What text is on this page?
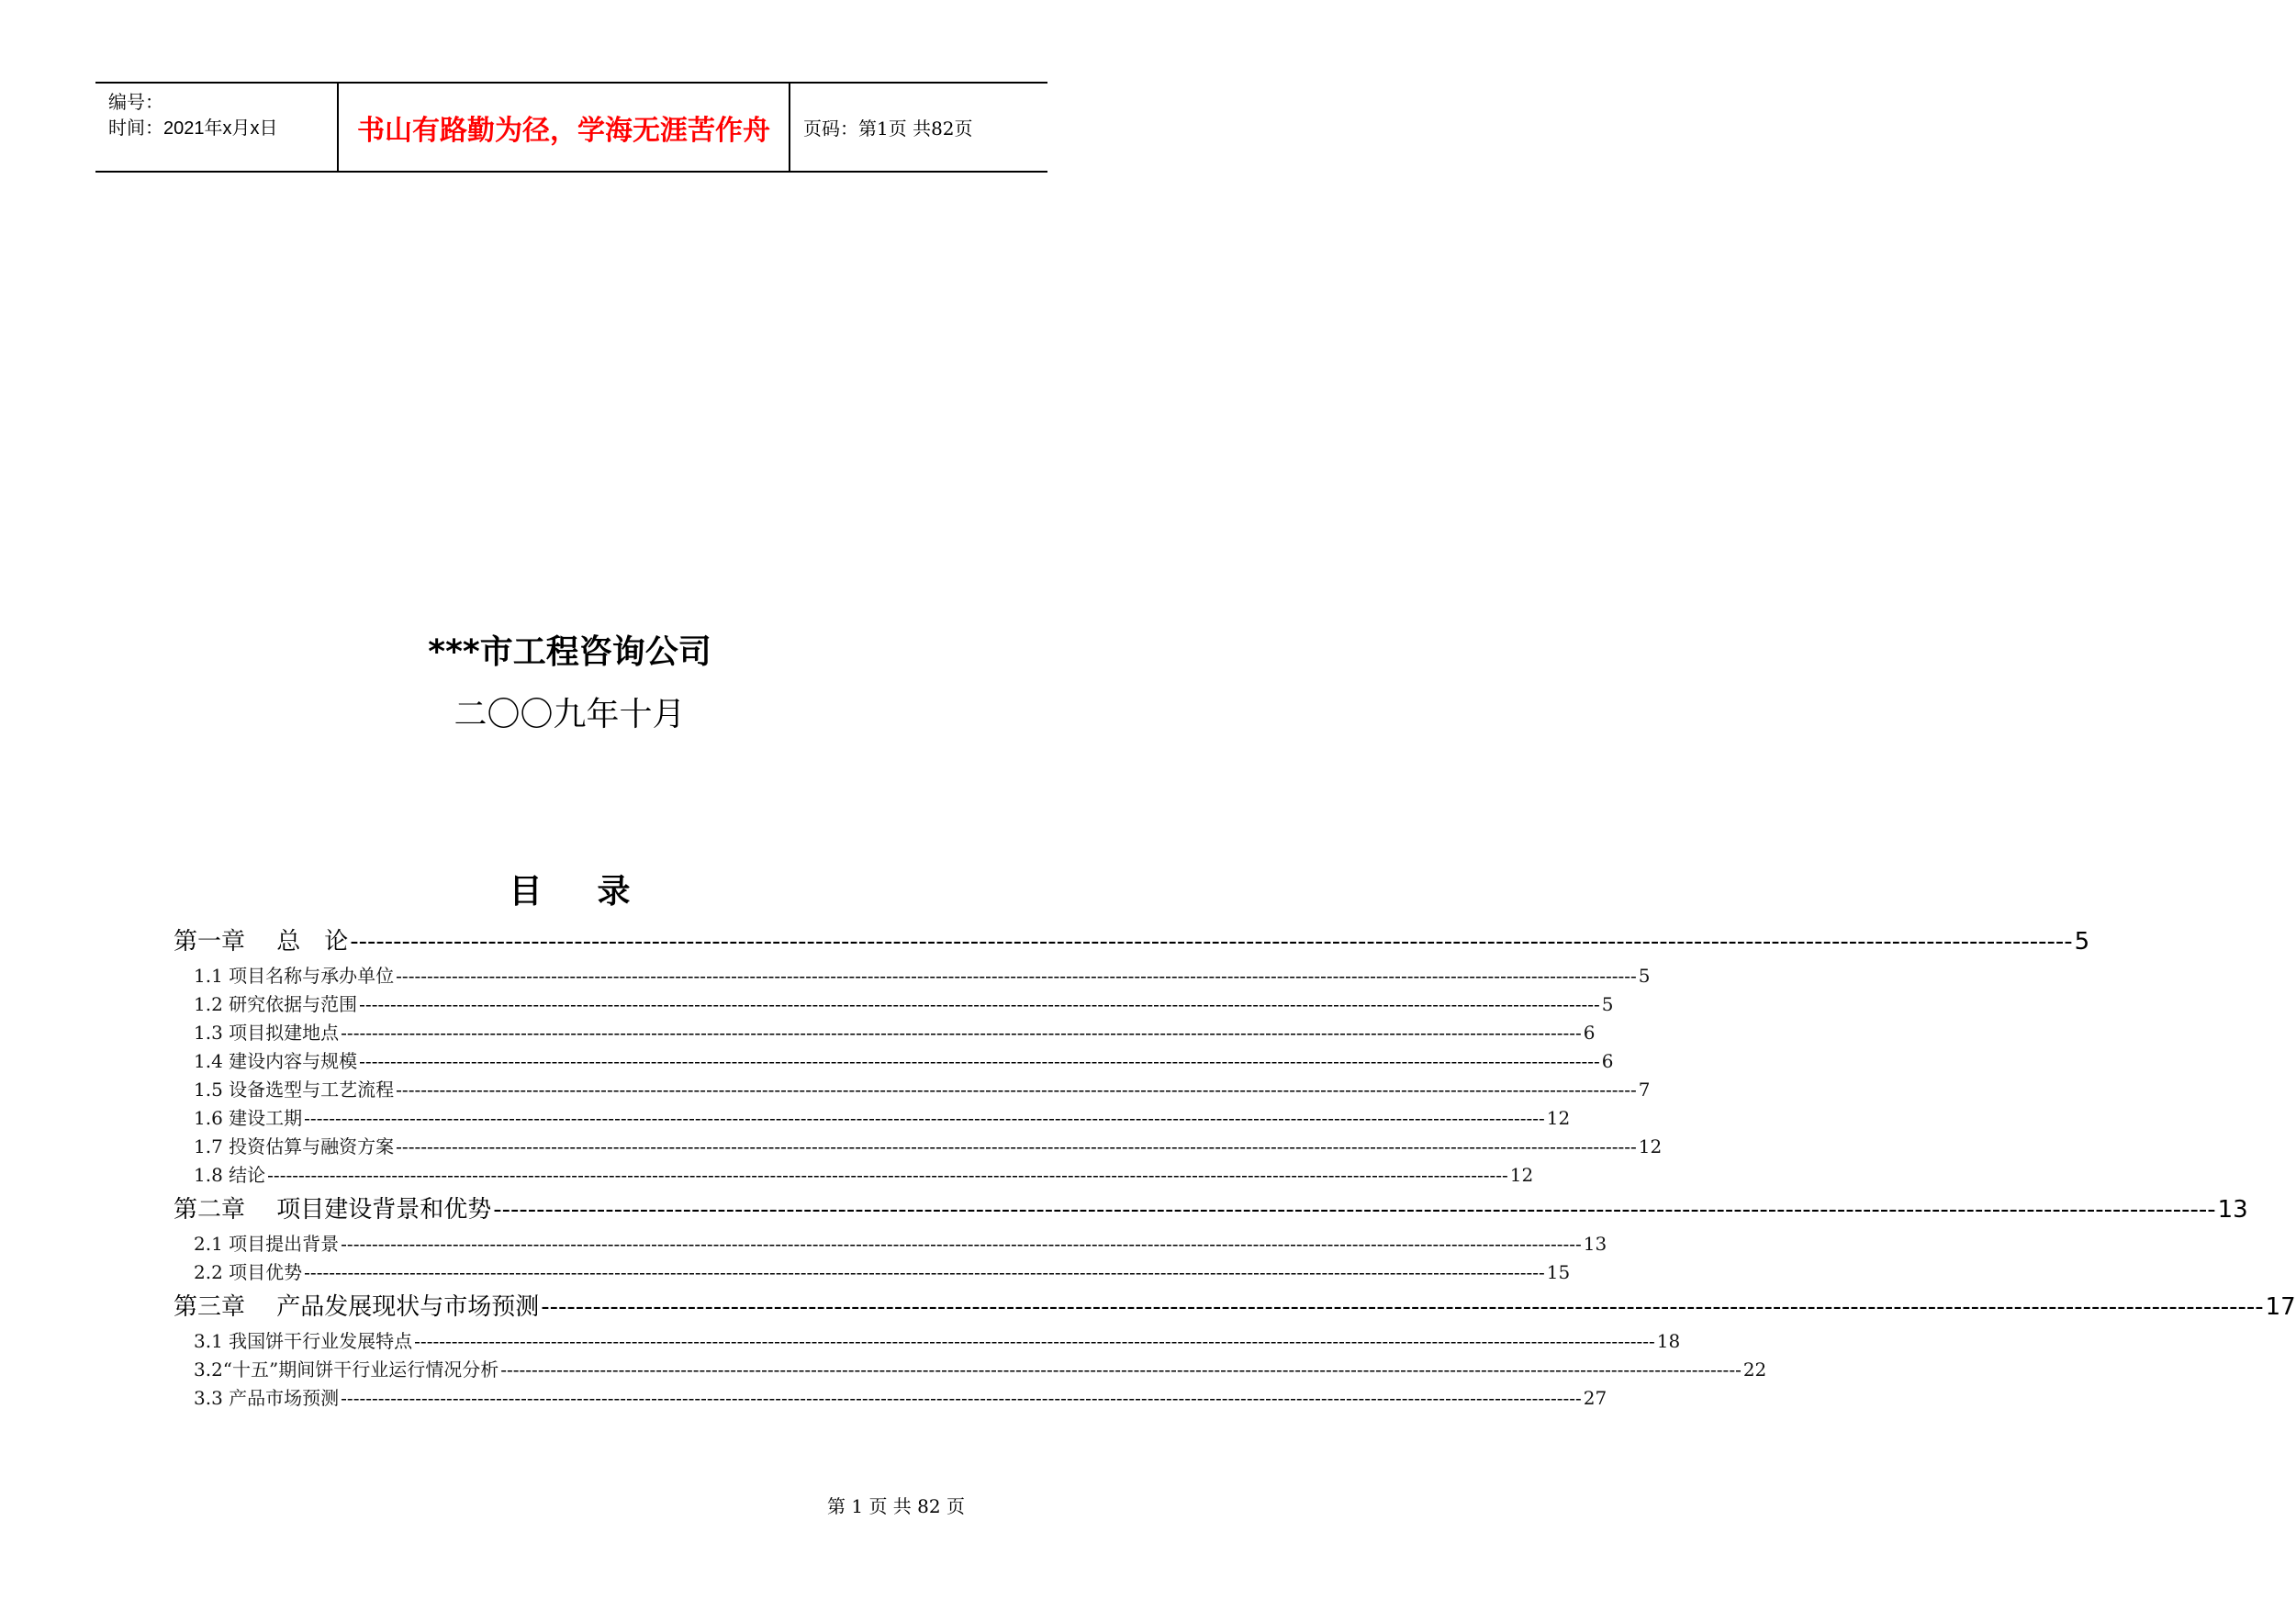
编号：
时间：2021年x月x日	书山有路勤为径，学海无涯苦作舟	页码：第1页 共82页
***市工程咨询公司
二〇〇九年十月
目录
第一章　 总　论 -------------------------------------------------------------------------------------------------------------------------------------------------------------------------------------------------------- 5
1.1 项目名称与承办单位 -------------------------------------------------------------------------------------------------------------------------------------------------------------------------------------------------------- 5
1.2 研究依据与范围 -------------------------------------------------------------------------------------------------------------------------------------------------------------------------------------------------------- 5
1.3 项目拟建地点 -------------------------------------------------------------------------------------------------------------------------------------------------------------------------------------------------------- 6
1.4 建设内容与规模 -------------------------------------------------------------------------------------------------------------------------------------------------------------------------------------------------------- 6
1.5 设备选型与工艺流程 -------------------------------------------------------------------------------------------------------------------------------------------------------------------------------------------------------- 7
1.6 建设工期 -------------------------------------------------------------------------------------------------------------------------------------------------------------------------------------------------------- 12
1.7 投资估算与融资方案 -------------------------------------------------------------------------------------------------------------------------------------------------------------------------------------------------------- 12
1.8 结论 -------------------------------------------------------------------------------------------------------------------------------------------------------------------------------------------------------- 12
第二章　 项目建设背景和优势 -------------------------------------------------------------------------------------------------------------------------------------------------------------------------------------------------------- 13
2.1 项目提出背景 -------------------------------------------------------------------------------------------------------------------------------------------------------------------------------------------------------- 13
2.2 项目优势 -------------------------------------------------------------------------------------------------------------------------------------------------------------------------------------------------------- 15
第三章　 产品发展现状与市场预测 -------------------------------------------------------------------------------------------------------------------------------------------------------------------------------------------------------- 17
3.1 我国饼干行业发展特点 -------------------------------------------------------------------------------------------------------------------------------------------------------------------------------------------------------- 18
3.2“十五”期间饼干行业运行情况分析 -------------------------------------------------------------------------------------------------------------------------------------------------------------------------------------------------------- 22
3.3 产品市场预测 -------------------------------------------------------------------------------------------------------------------------------------------------------------------------------------------------------- 27
第 1 页 共 82 页
